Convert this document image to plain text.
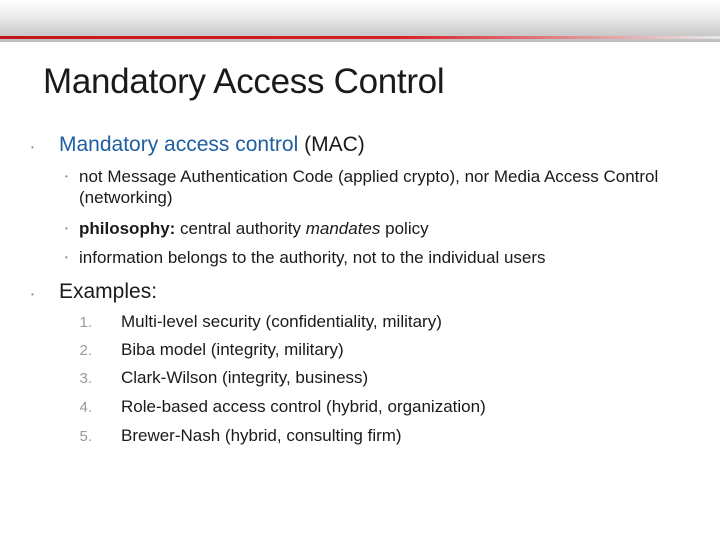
Mandatory Access Control
• Mandatory access control (MAC)
• not Message Authentication Code (applied crypto), nor Media Access Control (networking)
• philosophy: central authority mandates policy
• information belongs to the authority, not to the individual users
• Examples:
1. Multi-level security (confidentiality, military)
2. Biba model (integrity, military)
3. Clark-Wilson (integrity, business)
4. Role-based access control (hybrid, organization)
5. Brewer-Nash (hybrid, consulting firm)
